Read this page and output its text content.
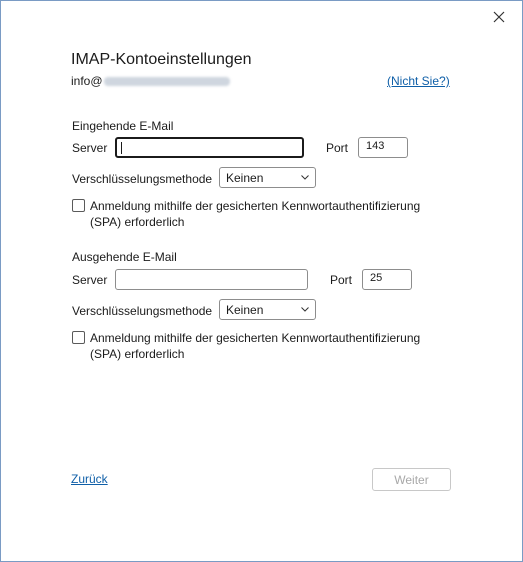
IMAP-Kontoeinstellungen
info@	(Nicht Sie?)
Eingehende E-Mail
Server	Port	143
Verschlüsselungsmethode Keinen
Anmeldung mithilfe der gesicherten Kennwortauthentifizierung (SPA) erforderlich
Ausgehende E-Mail
Server	Port	25
Verschlüsselungsmethode Keinen
Anmeldung mithilfe der gesicherten Kennwortauthentifizierung (SPA) erforderlich
Zurück	Weiter
